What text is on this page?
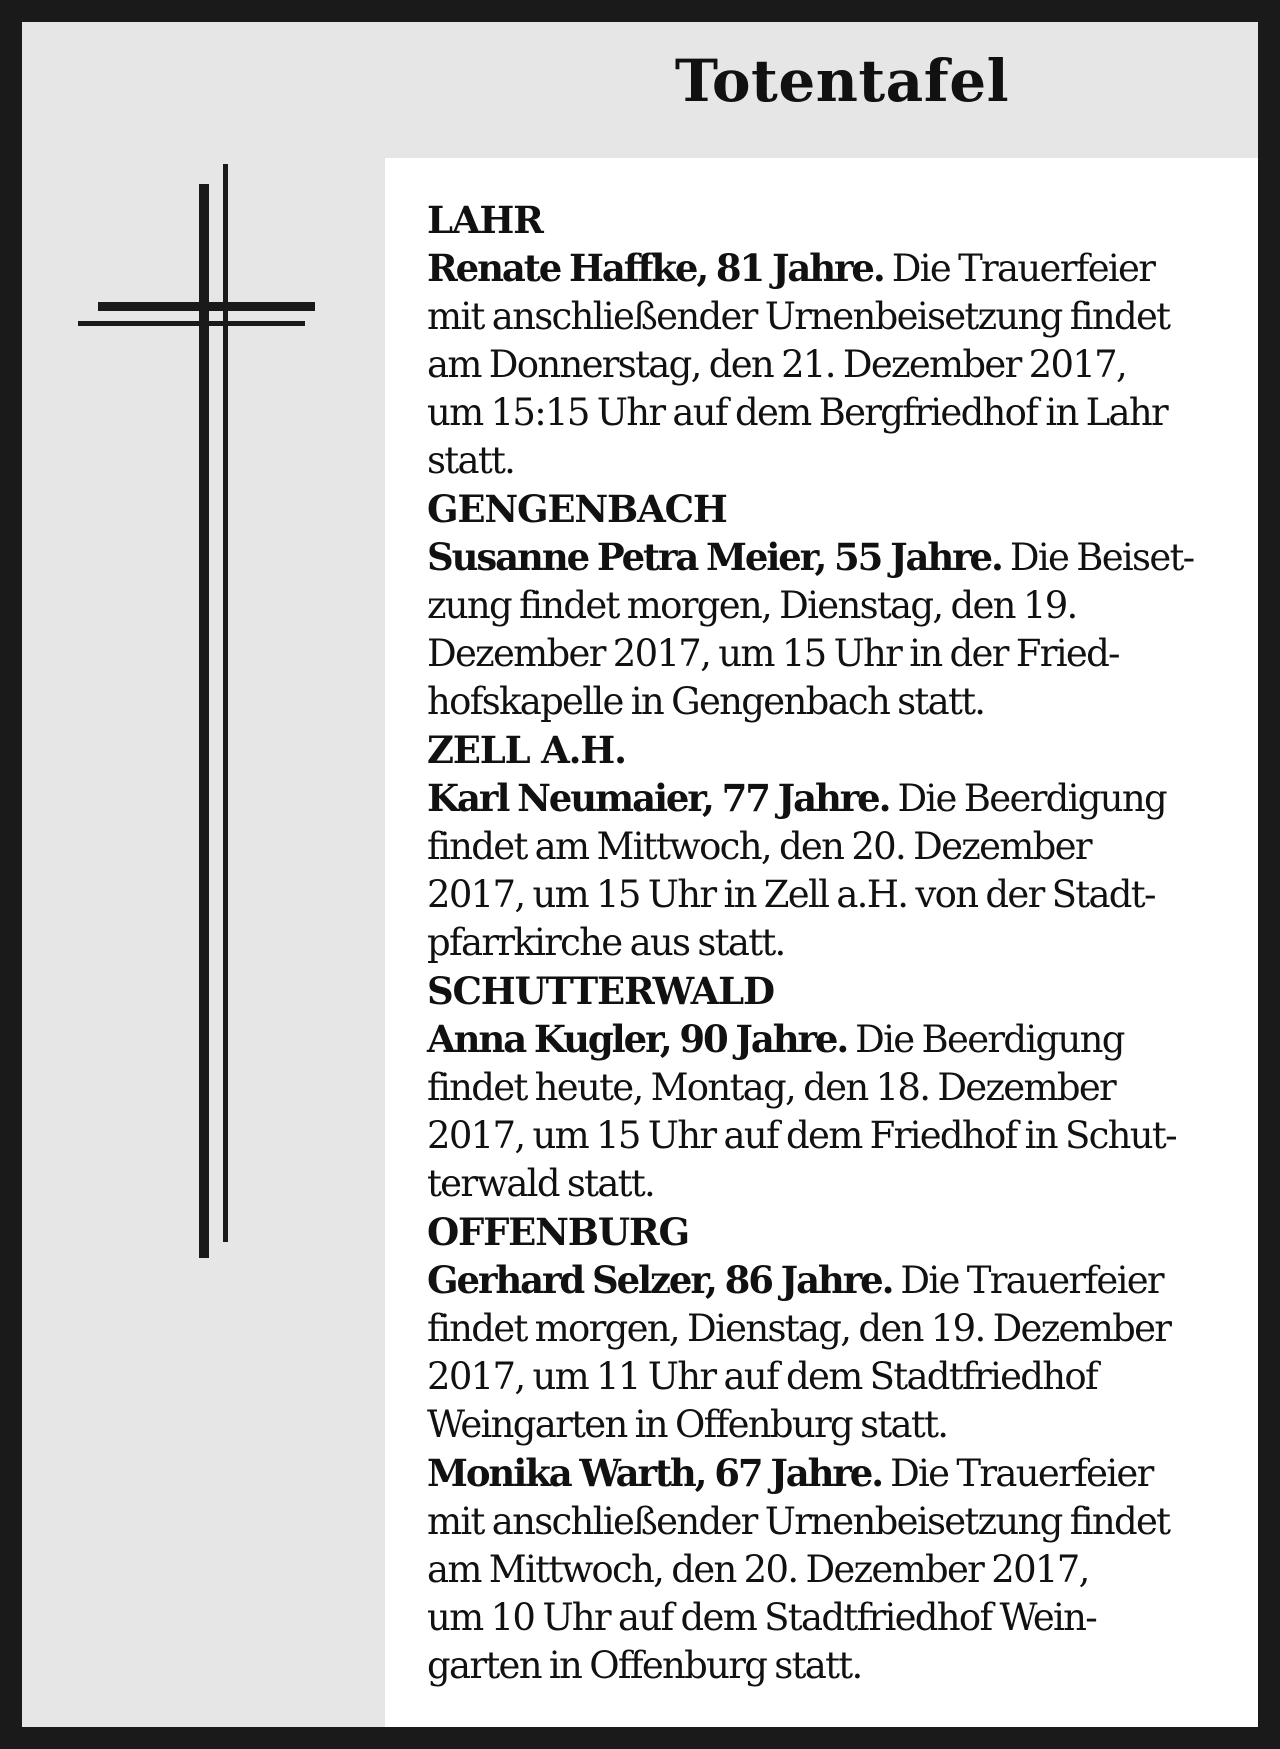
Totentafel
LAHR
Renate Haffke, 81 Jahre. Die Trauerfeier
mit anschließender Urnenbeisetzung findet
am Donnerstag, den 21. Dezember 2017,
um 15:15 Uhr auf dem Bergfriedhof in Lahr
statt.
GENGENBACH
Susanne Petra Meier, 55 Jahre. Die Beiset-
zung findet morgen, Dienstag, den 19.
Dezember 2017, um 15 Uhr in der Fried-
hofskapelle in Gengenbach statt.
ZELL A.H.
Karl Neumaier, 77 Jahre. Die Beerdigung
findet am Mittwoch, den 20. Dezember
2017, um 15 Uhr in Zell a.H. von der Stadt-
pfarrkirche aus statt.
SCHUTTERWALD
Anna Kugler, 90 Jahre. Die Beerdigung
findet heute, Montag, den 18. Dezember
2017, um 15 Uhr auf dem Friedhof in Schut-
terwald statt.
OFFENBURG
Gerhard Selzer, 86 Jahre. Die Trauerfeier
findet morgen, Dienstag, den 19. Dezember
2017, um 11 Uhr auf dem Stadtfriedhof
Weingarten in Offenburg statt.
Monika Warth, 67 Jahre. Die Trauerfeier
mit anschließender Urnenbeisetzung findet
am Mittwoch, den 20. Dezember 2017,
um 10 Uhr auf dem Stadtfriedhof Wein-
garten in Offenburg statt.
